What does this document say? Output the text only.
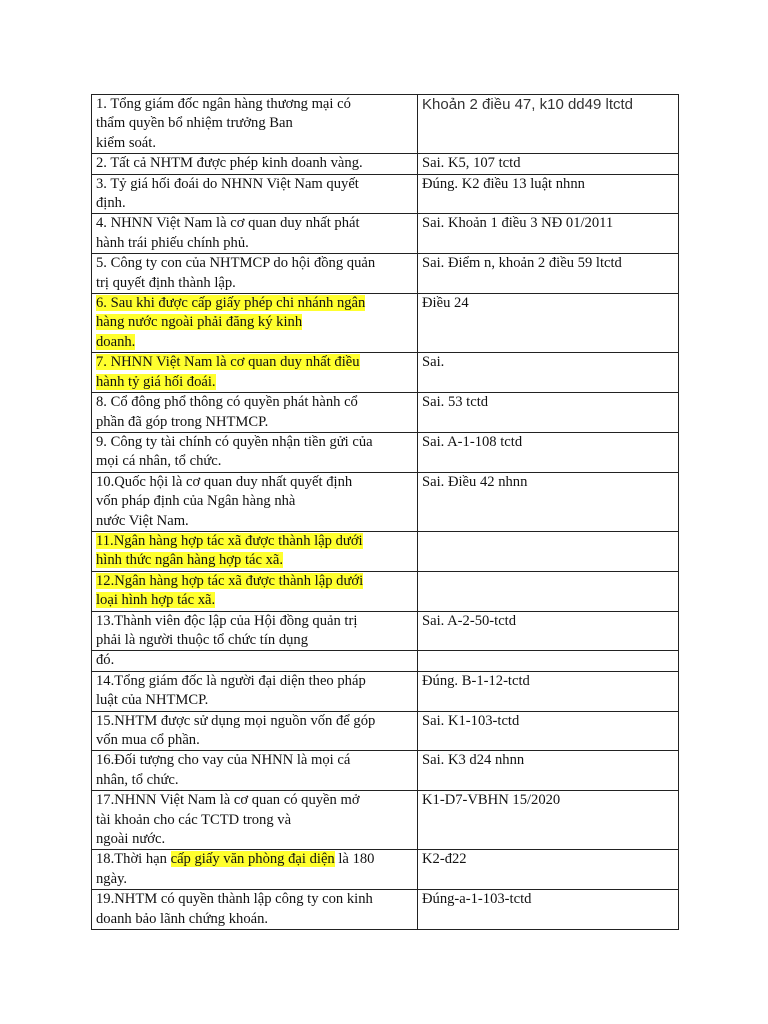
1. Tổng giám đốc ngân hàng thương mại có
thẩm quyền bổ nhiệm trưởng Ban
kiểm soát.	Khoản 2 điều 47, k10 dd49 ltctd
2. Tất cả NHTM được phép kinh doanh vàng.	Sai. K5, 107 tctd
3. Tỷ giá hối đoái do NHNN Việt Nam quyết
định.	Đúng. K2 điều 13 luật nhnn
4. NHNN Việt Nam là cơ quan duy nhất phát
hành trái phiếu chính phủ.	Sai. Khoản 1 điều 3 NĐ 01/2011
5. Công ty con của NHTMCP do hội đồng quản
trị quyết định thành lập.	Sai. Điểm n, khoản 2 điều 59 ltctd
6. Sau khi được cấp giấy phép chi nhánh ngân
hàng nước ngoài phải đăng ký kinh
doanh.	Điều 24
7. NHNN Việt Nam là cơ quan duy nhất điều
hành tỷ giá hối đoái.	Sai.
8. Cổ đông phổ thông có quyền phát hành cổ
phần đã góp trong NHTMCP.	Sai. 53 tctd
9. Công ty tài chính có quyền nhận tiền gửi của
mọi cá nhân, tổ chức.	Sai. A-1-108 tctd
10.Quốc hội là cơ quan duy nhất quyết định
vốn pháp định của Ngân hàng nhà
nước Việt Nam.	Sai. Điều 42 nhnn
11.Ngân hàng hợp tác xã được thành lập dưới
hình thức ngân hàng hợp tác xã.	
12.Ngân hàng hợp tác xã được thành lập dưới
loại hình hợp tác xã.	
13.Thành viên độc lập của Hội đồng quản trị
phải là người thuộc tổ chức tín dụng	Sai. A-2-50-tctd
đó.	
14.Tổng giám đốc là người đại diện theo pháp
luật của NHTMCP.	Đúng. B-1-12-tctd
15.NHTM được sử dụng mọi nguồn vốn để góp
vốn mua cổ phần.	Sai. K1-103-tctd
16.Đối tượng cho vay của NHNN là mọi cá
nhân, tổ chức.	Sai. K3 d24 nhnn
17.NHNN Việt Nam là cơ quan có quyền mở
tài khoản cho các TCTD trong và
ngoài nước.	K1-D7-VBHN 15/2020
18.Thời hạn cấp giấy văn phòng đại diện là 180
ngày.	K2-đ22
19.NHTM có quyền thành lập công ty con kinh
doanh bảo lãnh chứng khoán.	Đúng-a-1-103-tctd
